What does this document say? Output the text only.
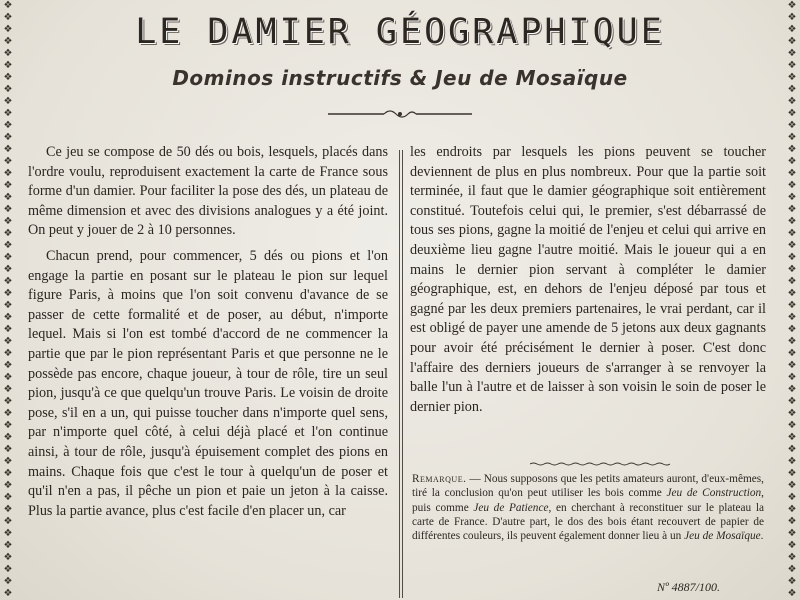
❖
❖
❖
❖
❖
❖
❖
❖
❖
❖
❖
❖
❖
❖
❖
❖
❖
❖
❖
❖
❖
❖
❖
❖
❖
❖
❖
❖
❖
❖
❖
❖
❖
❖
❖
❖
❖
❖
❖
❖
❖
❖
❖
❖
❖
❖
❖
❖
❖
❖
❖
❖
❖
❖
❖
❖
❖
❖
❖
❖
❖
❖
❖
❖
❖
❖
❖
❖
❖
❖
❖
❖
❖
❖
❖
❖
❖
❖
❖
❖
❖
❖
❖
❖
❖
❖
❖
❖
❖
❖
❖
❖
❖
❖
❖
❖
❖
❖
❖
❖
LE DAMIER GÉOGRAPHIQUE
Dominos instructifs & Jeu de Mosaïque

Ce jeu se compose de 50 dés ou bois, lesquels, placés dans l'ordre voulu, reproduisent exactement la carte de France sous forme d'un damier. Pour faciliter la pose des dés, un plateau de même dimension et avec des divisions analogues y a été joint. On peut y jouer de 2 à 10 personnes.

Chacun prend, pour commencer, 5 dés ou pions et l'on engage la partie en posant sur le plateau le pion sur lequel figure Paris, à moins que l'on soit convenu d'avance de se passer de cette formalité et de poser, au début, n'importe lequel. Mais si l'on est tombé d'accord de ne commencer la partie que par le pion représentant Paris et que personne ne le possède pas encore, chaque joueur, à tour de rôle, tire un seul pion, jusqu'à ce que quelqu'un trouve Paris. Le voisin de droite pose, s'il en a un, qui puisse toucher dans n'importe quel sens, par n'importe quel côté, à celui déjà placé et l'on continue ainsi, à tour de rôle, jusqu'à épuisement complet des pions en mains. Chaque fois que c'est le tour à quelqu'un de poser et qu'il n'en a pas, il pêche un pion et paie un jeton à la caisse. Plus la partie avance, plus c'est facile d'en placer un, car

les endroits par lesquels les pions peuvent se toucher deviennent de plus en plus nombreux. Pour que la partie soit terminée, il faut que le damier géographique soit entièrement constitué. Toutefois celui qui, le premier, s'est débarrassé de tous ses pions, gagne la moitié de l'enjeu et celui qui arrive en deuxième lieu gagne l'autre moitié. Mais le joueur qui a en mains le dernier pion servant à compléter le damier géographique, est, en dehors de l'enjeu déposé par tous et gagné par les deux premiers partenaires, le vrai perdant, car il est obligé de payer une amende de 5 jetons aux deux gagnants pour avoir été précisément le dernier à poser. C'est donc l'affaire des derniers joueurs de s'arranger à se renvoyer la balle l'un à l'autre et de laisser à son voisin le soin de poser le dernier pion.

Remarque. — Nous supposons que les petits amateurs auront, d'eux-mêmes, tiré la conclusion qu'on peut utiliser les bois comme Jeu de Construction, puis comme Jeu de Patience, en cherchant à reconstituer sur le plateau la carte de France. D'autre part, le dos des bois étant recouvert de papier de différentes couleurs, ils peuvent également donner lieu à un Jeu de Mosaïque.
Nº 4887/100.
